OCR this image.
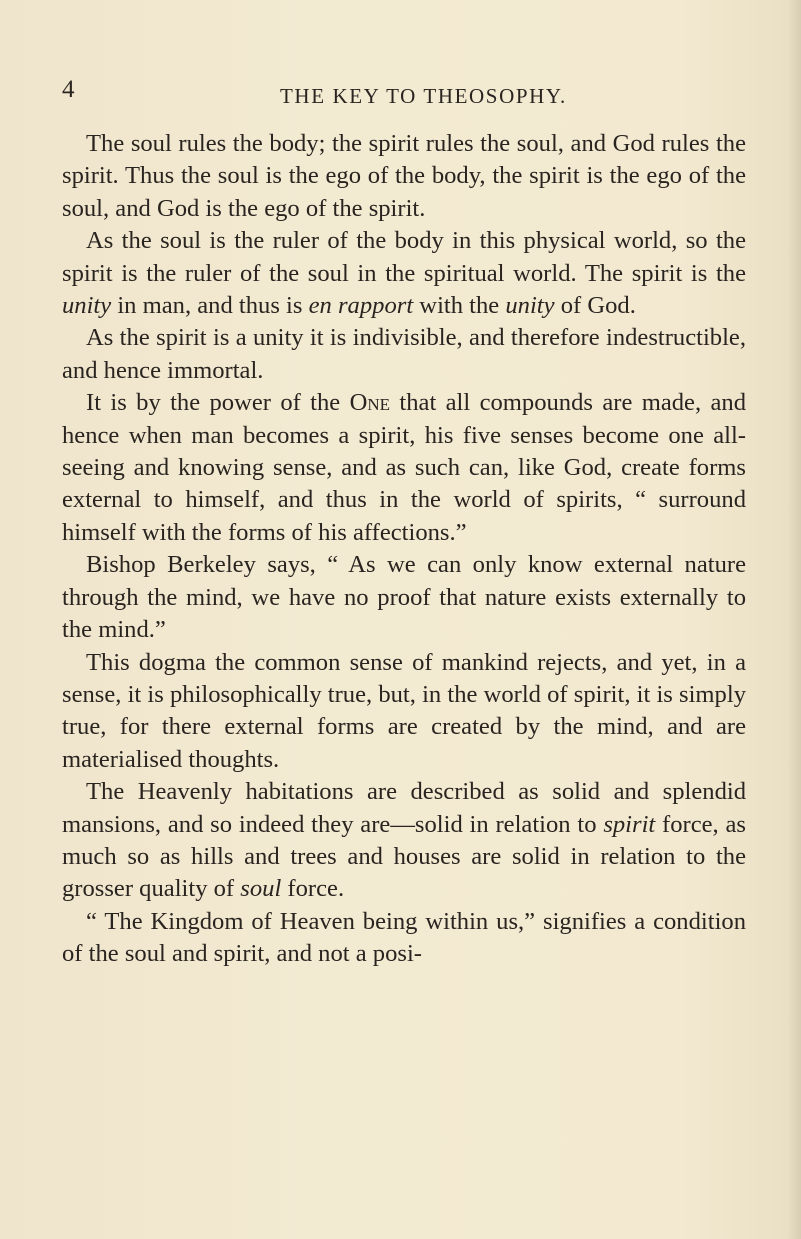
4	THE KEY TO THEOSOPHY.

The soul rules the body; the spirit rules the soul, and God rules the spirit. Thus the soul is the ego of the body, the spirit is the ego of the soul, and God is the ego of the spirit.

As the soul is the ruler of the body in this physical world, so the spirit is the ruler of the soul in the spiritual world. The spirit is the unity in man, and thus is en rapport with the unity of God.

As the spirit is a unity it is indivisible, and therefore indestructible, and hence immortal.

It is by the power of the One that all compounds are made, and hence when man becomes a spirit, his five senses become one all-seeing and knowing sense, and as such can, like God, create forms external to himself, and thus in the world of spirits, “ surround himself with the forms of his affections.”

Bishop Berkeley says, “ As we can only know external nature through the mind, we have no proof that nature exists externally to the mind.”

This dogma the common sense of mankind rejects, and yet, in a sense, it is philosophically true, but, in the world of spirit, it is simply true, for there external forms are created by the mind, and are materialised thoughts.

The Heavenly habitations are described as solid and splendid mansions, and so indeed they are—solid in relation to spirit force, as much so as hills and trees and houses are solid in relation to the grosser quality of soul force.

“ The Kingdom of Heaven being within us,” signifies a condition of the soul and spirit, and not a posi-
